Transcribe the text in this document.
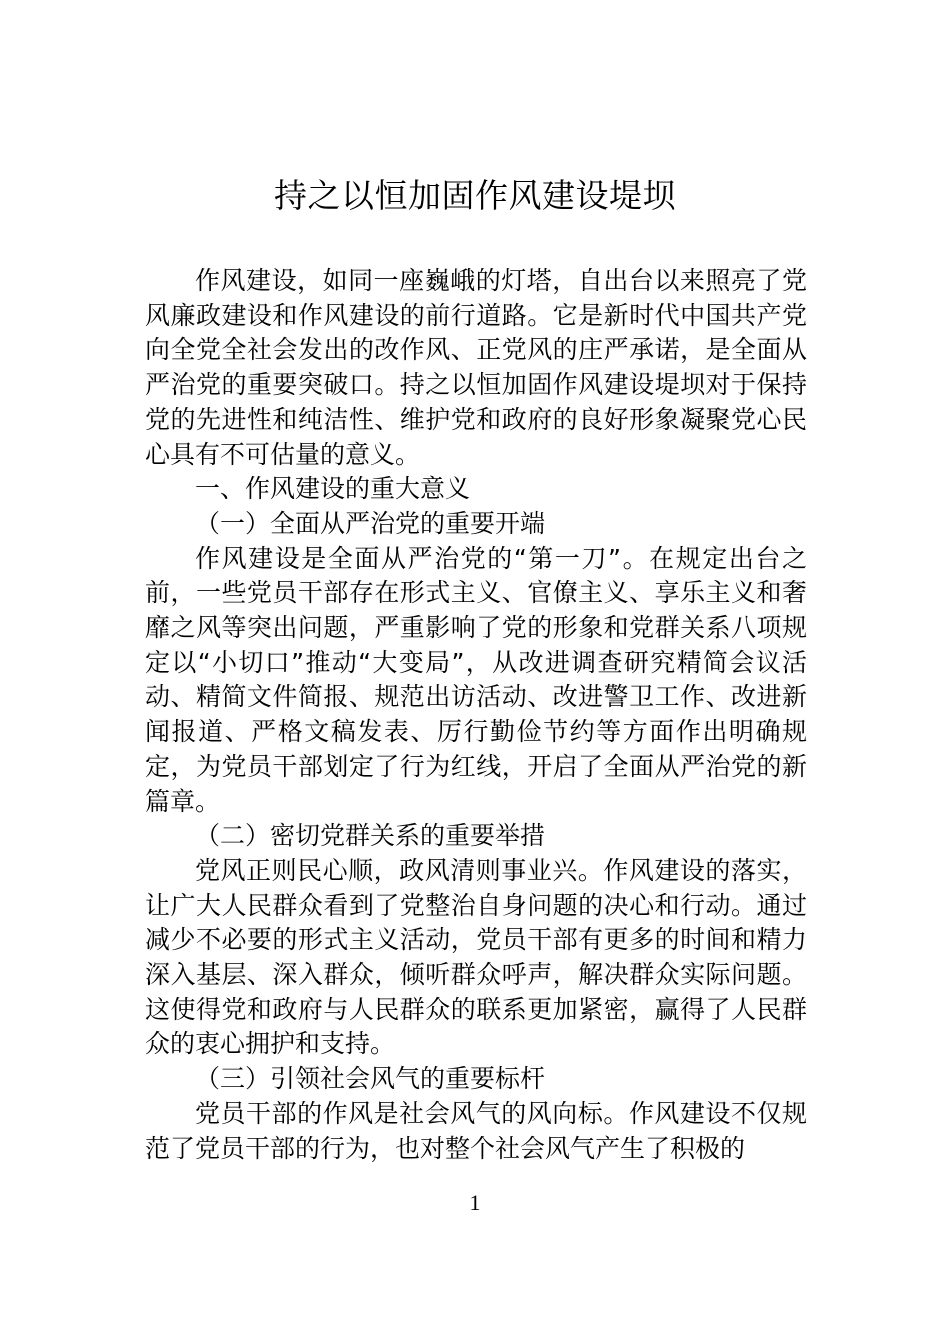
持之以恒加固作风建设堤坝

作风建设，如同一座巍峨的灯塔，自出台以来照亮了党风廉政建设和作风建设的前行道路。它是新时代中国共产党向全党全社会发出的改作风、正党风的庄严承诺，是全面从严治党的重要突破口。持之以恒加固作风建设堤坝对于保持党的先进性和纯洁性、维护党和政府的良好形象凝聚党心民心具有不可估量的意义。

一、作风建设的重大意义

（一）全面从严治党的重要开端

作风建设是全面从严治党的“第一刀”。在规定出台之前，一些党员干部存在形式主义、官僚主义、享乐主义和奢靡之风等突出问题，严重影响了党的形象和党群关系八项规定以“小切口”推动“大变局”，从改进调查研究精简会议活动、精简文件简报、规范出访活动、改进警卫工作、改进新闻报道、严格文稿发表、厉行勤俭节约等方面作出明确规定，为党员干部划定了行为红线，开启了全面从严治党的新篇章。

（二）密切党群关系的重要举措

党风正则民心顺，政风清则事业兴。作风建设的落实，让广大人民群众看到了党整治自身问题的决心和行动。通过减少不必要的形式主义活动，党员干部有更多的时间和精力深入基层、深入群众，倾听群众呼声，解决群众实际问题。这使得党和政府与人民群众的联系更加紧密，赢得了人民群众的衷心拥护和支持。

（三）引领社会风气的重要标杆

党员干部的作风是社会风气的风向标。作风建设不仅规范了党员干部的行为，也对整个社会风气产生了积极的

1
